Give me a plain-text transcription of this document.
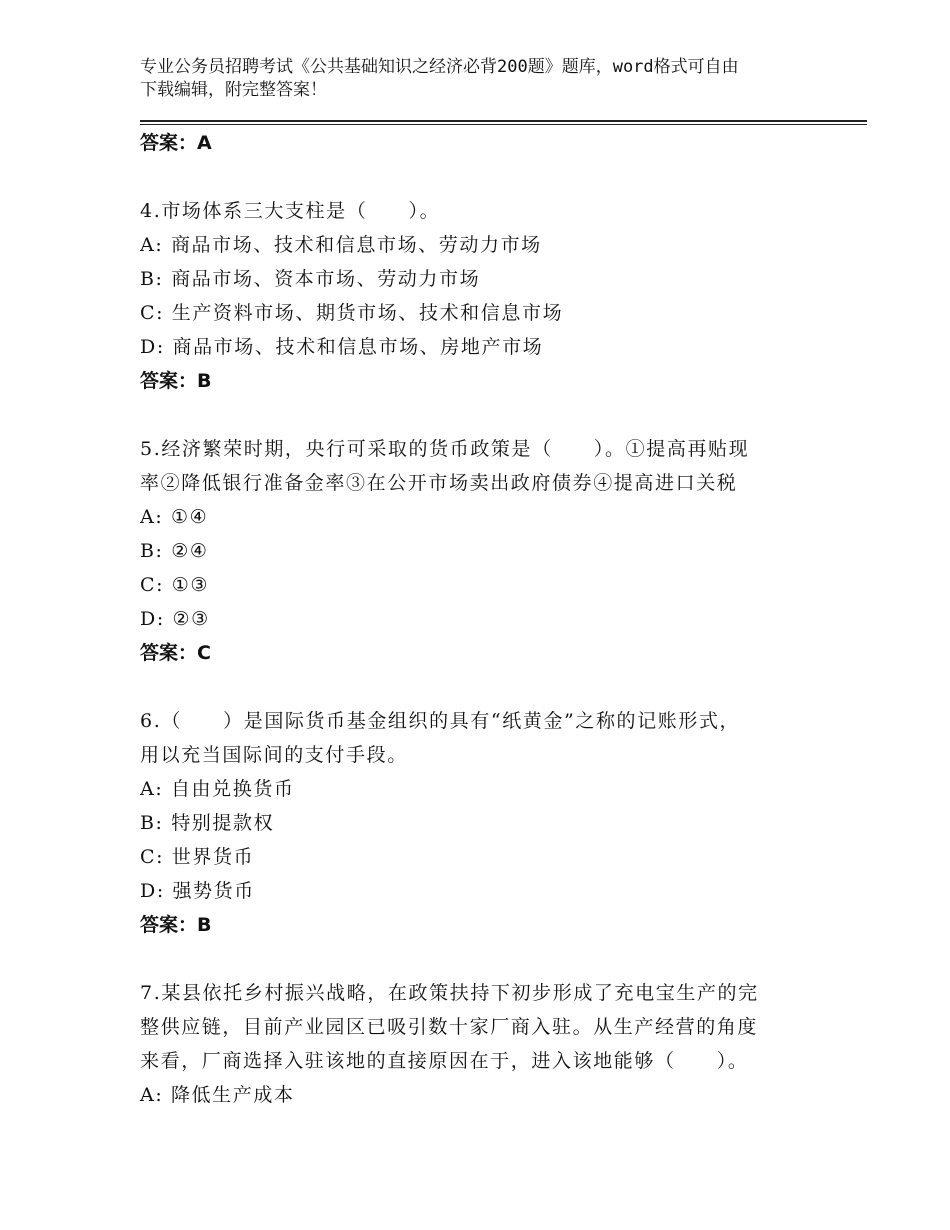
专业公务员招聘考试《公共基础知识之经济必背200题》题库，word格式可自由
下载编辑，附完整答案！
答案：A
4.市场体系三大支柱是（　　）。
A: 商品市场、技术和信息市场、劳动力市场
B: 商品市场、资本市场、劳动力市场
C: 生产资料市场、期货市场、技术和信息市场
D: 商品市场、技术和信息市场、房地产市场
答案：B
5.经济繁荣时期，央行可采取的货币政策是（　　）。①提高再贴现
率②降低银行准备金率③在公开市场卖出政府债券④提高进口关税
A: ①④
B: ②④
C: ①③
D: ②③
答案：C
6.（　　）是国际货币基金组织的具有“纸黄金”之称的记账形式，
用以充当国际间的支付手段。
A: 自由兑换货币
B: 特别提款权
C: 世界货币
D: 强势货币
答案：B
7.某县依托乡村振兴战略，在政策扶持下初步形成了充电宝生产的完
整供应链，目前产业园区已吸引数十家厂商入驻。从生产经营的角度
来看，厂商选择入驻该地的直接原因在于，进入该地能够（　　）。
A: 降低生产成本
